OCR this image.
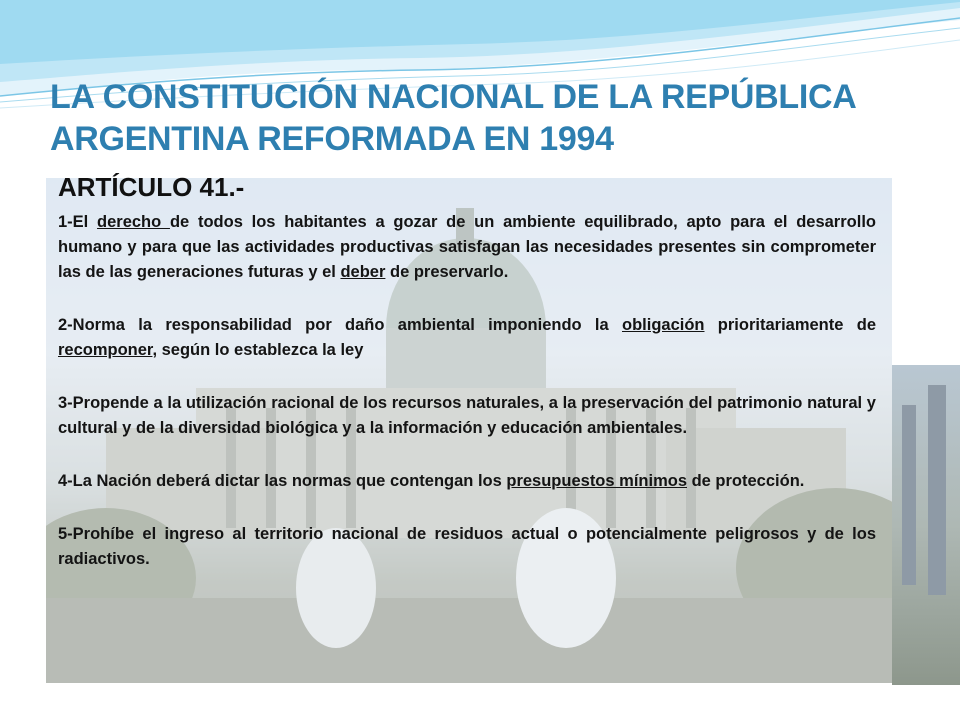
LA CONSTITUCIÓN NACIONAL DE LA REPÚBLICA ARGENTINA REFORMADA EN 1994
ARTÍCULO 41.-

1-El derecho de todos los habitantes a gozar de un ambiente equilibrado, apto para el desarrollo humano y para que las actividades productivas satisfagan las necesidades presentes sin comprometer las de las generaciones futuras y el deber de preservarlo.

2-Norma la responsabilidad por daño ambiental imponiendo la obligación prioritariamente de recomponer, según lo establezca la ley

3-Propende a la utilización racional de los recursos naturales, a la preservación del patrimonio natural y cultural y de la diversidad biológica y a la información y educación ambientales.

4-La Nación deberá dictar las normas que contengan los presupuestos mínimos de protección.

5-Prohíbe el ingreso al territorio nacional de residuos actual o potencialmente peligrosos y de los radiactivos.
